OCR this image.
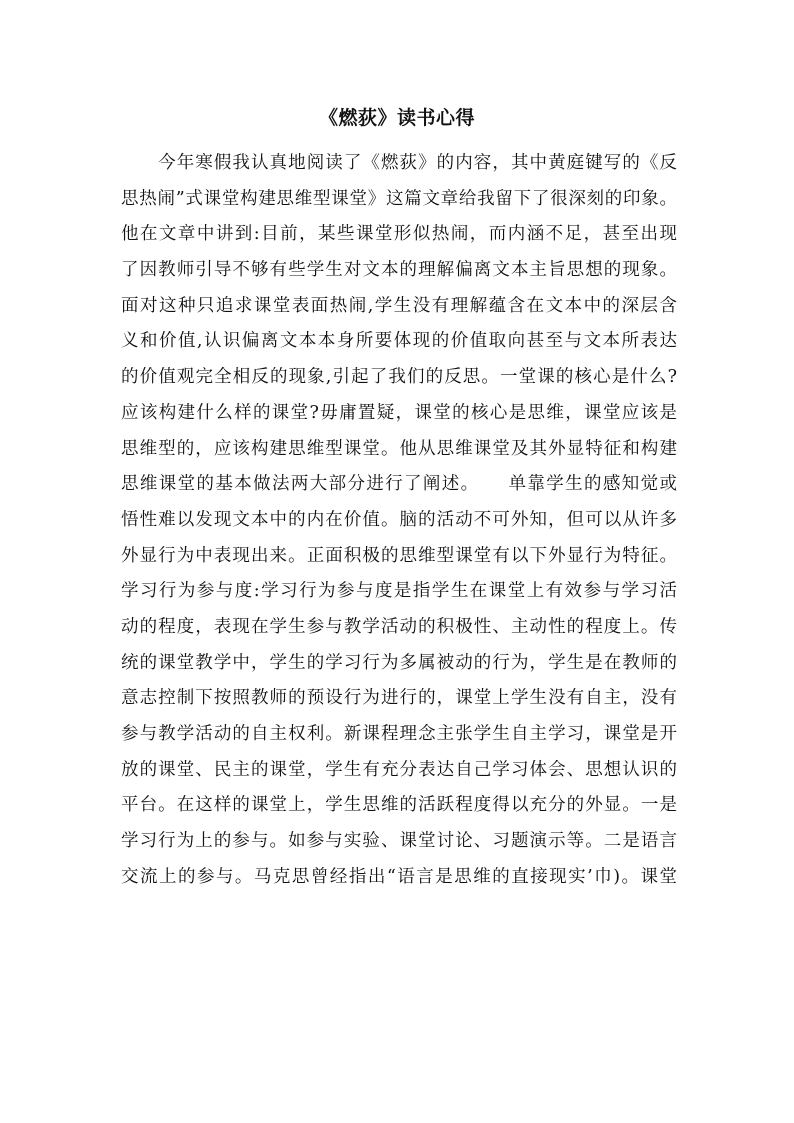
《燃荻》读书心得
　　今年寒假我认真地阅读了《燃荻》的内容，其中黄庭键写的《反
思热闹”式课堂构建思维型课堂》这篇文章给我留下了很深刻的印象。
他在文章中讲到:目前，某些课堂形似热闹，而内涵不足，甚至出现
了因教师引导不够有些学生对文本的理解偏离文本主旨思想的现象。
面对这种只追求课堂表面热闹,学生没有理解蕴含在文本中的深层含
义和价值,认识偏离文本本身所要体现的价值取向甚至与文本所表达
的价值观完全相反的现象,引起了我们的反思。一堂课的核心是什么?
应该构建什么样的课堂?毋庸置疑，课堂的核心是思维，课堂应该是
思维型的，应该构建思维型课堂。他从思维课堂及其外显特征和构建
思维课堂的基本做法两大部分进行了阐述。　　单靠学生的感知觉或
悟性难以发现文本中的内在价值。脑的活动不可外知，但可以从许多
外显行为中表现出来。正面积极的思维型课堂有以下外显行为特征。
学习行为参与度:学习行为参与度是指学生在课堂上有效参与学习活
动的程度，表现在学生参与教学活动的积极性、主动性的程度上。传
统的课堂教学中，学生的学习行为多属被动的行为，学生是在教师的
意志控制下按照教师的预设行为进行的，课堂上学生没有自主，没有
参与教学活动的自主权利。新课程理念主张学生自主学习，课堂是开
放的课堂、民主的课堂，学生有充分表达自己学习体会、思想认识的
平台。在这样的课堂上，学生思维的活跃程度得以充分的外显。一是
学习行为上的参与。如参与实验、课堂讨论、习题演示等。二是语言
交流上的参与。马克思曾经指出“语言是思维的直接现实’巾)。课堂
